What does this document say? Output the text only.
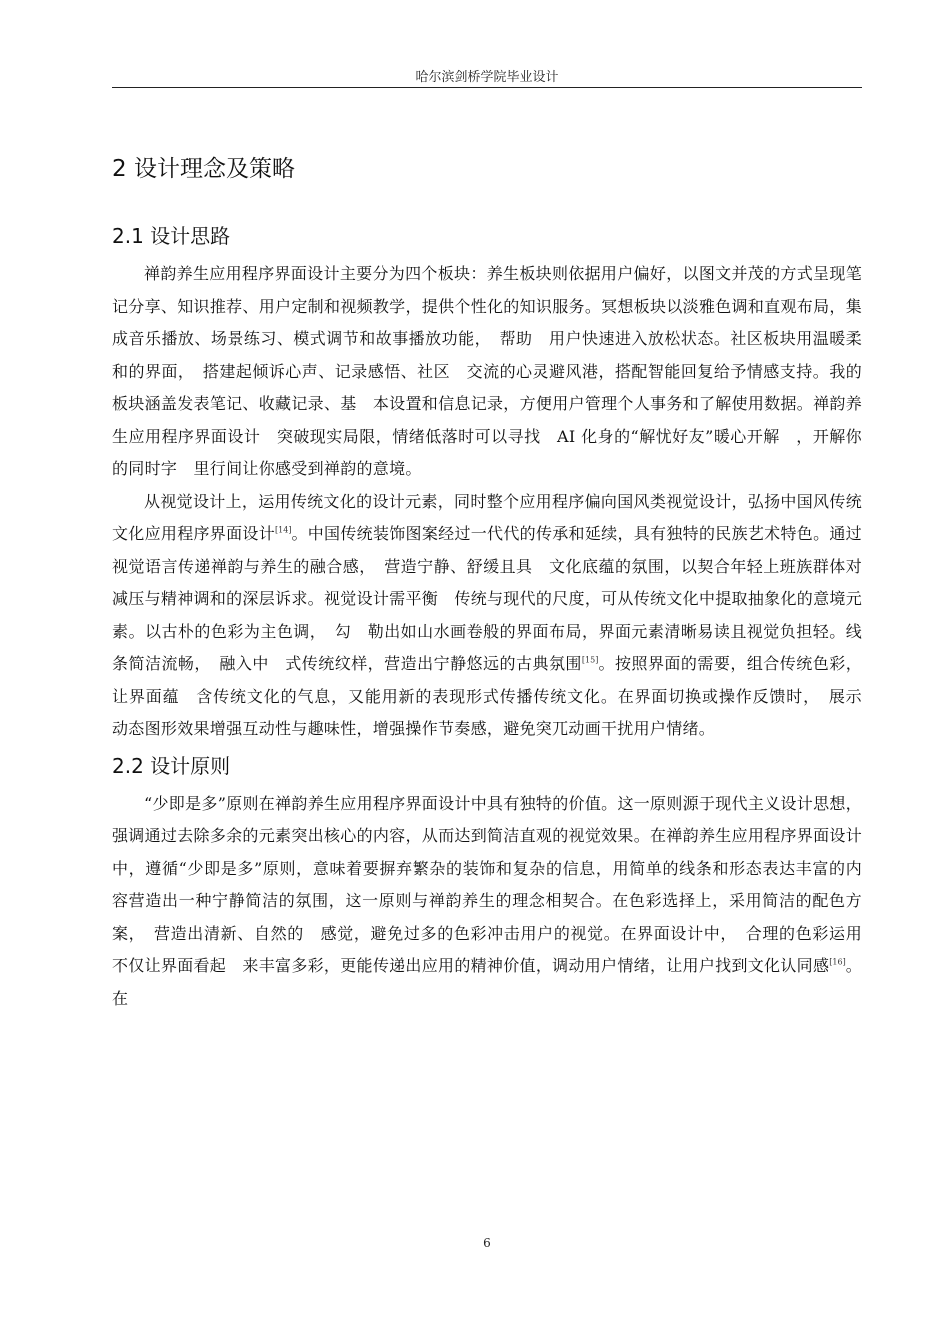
哈尔滨剑桥学院毕业设计
2 设计理念及策略
2.1 设计思路

禅韵养生应用程序界面设计主要分为四个板块：养生板块则依据用户偏好，以图文并茂的方式呈现笔记分享、知识推荐、用户定制和视频教学，提供个性化的知识服务。冥想板块以淡雅色调和直观布局，集成音乐播放、场景练习、模式调节和故事播放功能，　帮助　用户快速进入放松状态。社区板块用温暖柔和的界面，　搭建起倾诉心声、记录感悟、社区　交流的心灵避风港，搭配智能回复给予情感支持。我的板块涵盖发表笔记、收藏记录、基　本设置和信息记录，方便用户管理个人事务和了解使用数据。禅韵养生应用程序界面设计　突破现实局限，情绪低落时可以寻找　AI 化身的“解忧好友”暖心开解　，开解你的同时字　里行间让你感受到禅韵的意境。

从视觉设计上，运用传统文化的设计元素，同时整个应用程序偏向国风类视觉设计，弘扬中国风传统文化应用程序界面设计[14]。中国传统装饰图案经过一代代的传承和延续，具有独特的民族艺术特色。通过视觉语言传递禅韵与养生的融合感，　营造宁静、舒缓且具　文化底蕴的氛围，以契合年轻上班族群体对减压与精神调和的深层诉求。视觉设计需平衡　传统与现代的尺度，可从传统文化中提取抽象化的意境元素。以古朴的色彩为主色调，　勾　勒出如山水画卷般的界面布局，界面元素清晰易读且视觉负担轻。线条简洁流畅，　融入中　式传统纹样，营造出宁静悠远的古典氛围[15]。按照界面的需要，组合传统色彩，让界面蕴　含传统文化的气息，又能用新的表现形式传播传统文化。在界面切换或操作反馈时，　展示　动态图形效果增强互动性与趣味性，增强操作节奏感，避免突兀动画干扰用户情绪。

2.2 设计原则

“少即是多”原则在禅韵养生应用程序界面设计中具有独特的价值。这一原则源于现代主义设计思想，强调通过去除多余的元素突出核心的内容，从而达到简洁直观的视觉效果。在禅韵养生应用程序界面设计中，遵循“少即是多”原则，意味着要摒弃繁杂的装饰和复杂的信息，用简单的线条和形态表达丰富的内容营造出一种宁静简洁的氛围，这一原则与禅韵养生的理念相契合。在色彩选择上，采用简洁的配色方案，　营造出清新、自然的　感觉，避免过多的色彩冲击用户的视觉。在界面设计中，　合理的色彩运用不仅让界面看起　来丰富多彩，更能传递出应用的精神价值，调动用户情绪，让用户找到文化认同感[16]。在

6
